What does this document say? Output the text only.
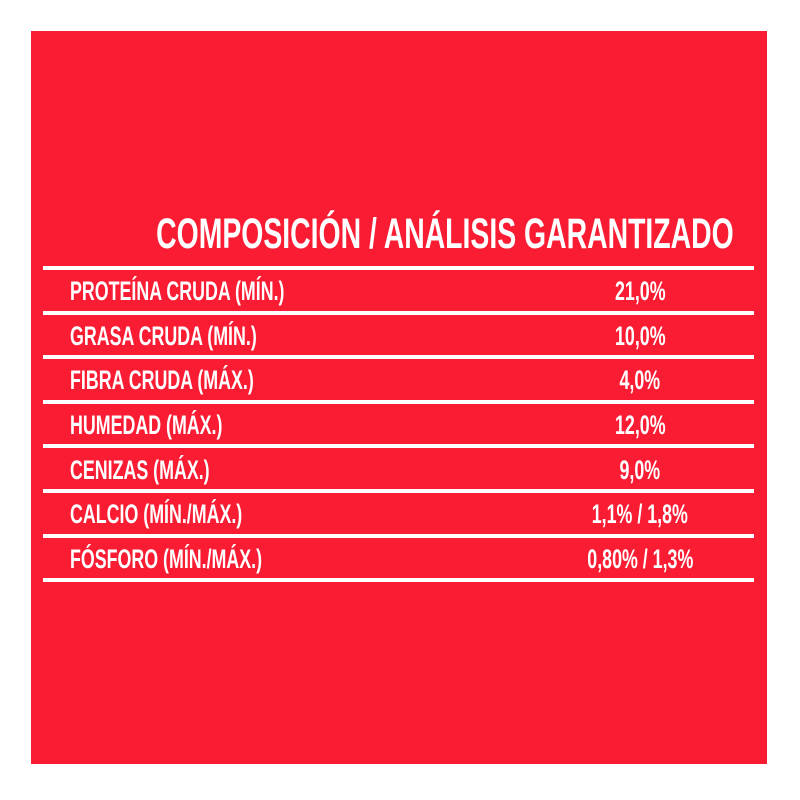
COMPOSICIÓN / ANÁLISIS GARANTIZADO
PROTEÍNA CRUDA (MÍN.)	21,0%
GRASA CRUDA (MÍN.)	10,0%
FIBRA CRUDA (MÁX.)	4,0%
HUMEDAD (MÁX.)	12,0%
CENIZAS (MÁX.)	9,0%
CALCIO (MÍN./MÁX.)	1,1% / 1,8%
FÓSFORO (MÍN./MÁX.)	0,80% / 1,3%
